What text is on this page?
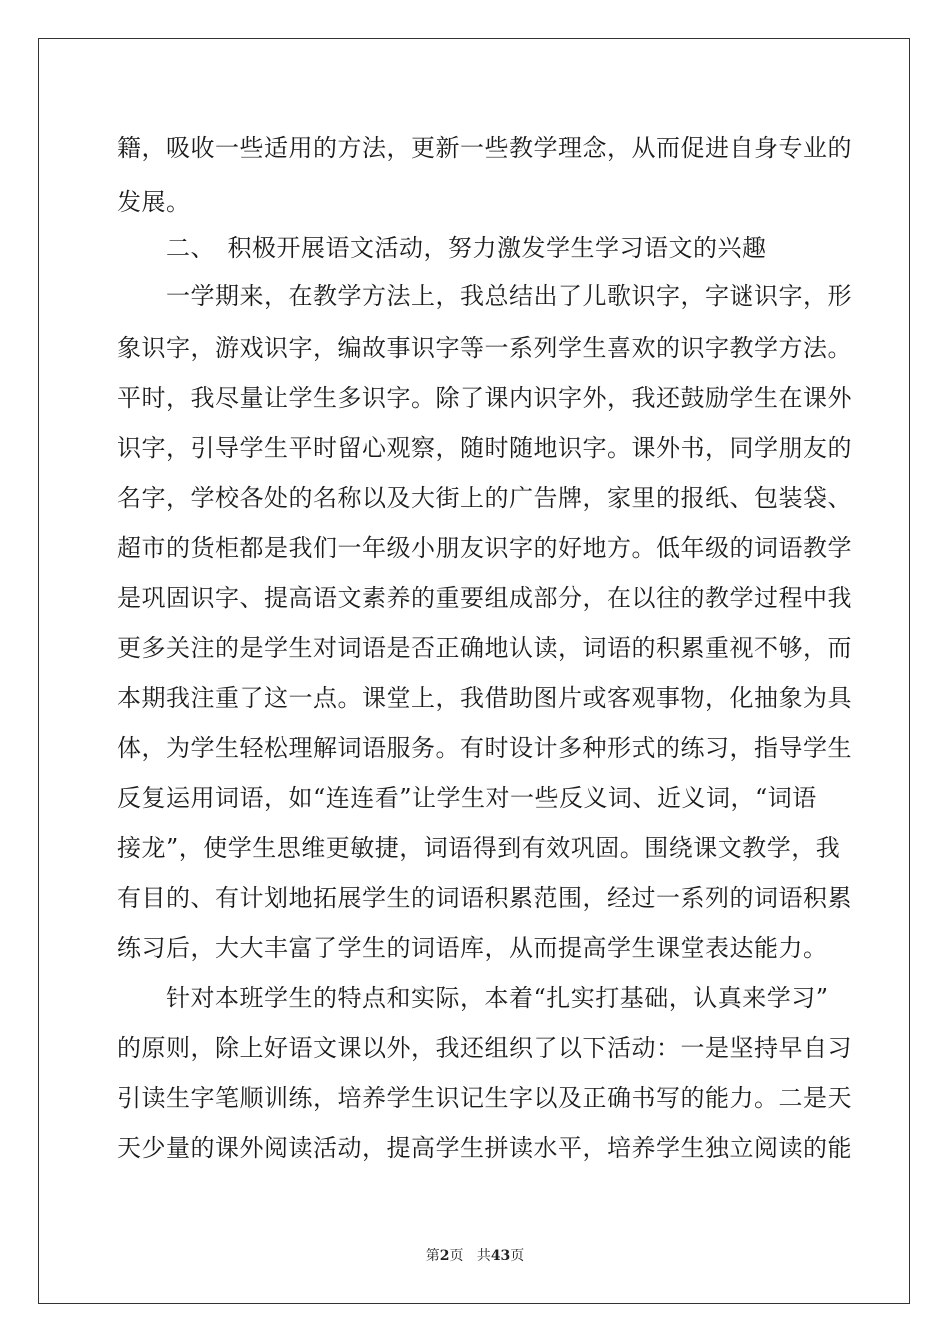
籍，吸收一些适用的方法，更新一些教学理念，从而促进自身专业的
发展。
　　二、　积极开展语文活动，努力激发学生学习语文的兴趣
　　一学期来，在教学方法上，我总结出了儿歌识字，字谜识字，形
象识字，游戏识字，编故事识字等一系列学生喜欢的识字教学方法。
平时，我尽量让学生多识字。除了课内识字外，我还鼓励学生在课外
识字，引导学生平时留心观察，随时随地识字。课外书，同学朋友的
名字，学校各处的名称以及大街上的广告牌，家里的报纸、包装袋、
超市的货柜都是我们一年级小朋友识字的好地方。低年级的词语教学
是巩固识字、提高语文素养的重要组成部分，在以往的教学过程中我
更多关注的是学生对词语是否正确地认读，词语的积累重视不够，而
本期我注重了这一点。课堂上，我借助图片或客观事物，化抽象为具
体，为学生轻松理解词语服务。有时设计多种形式的练习，指导学生
反复运用词语，如“连连看”让学生对一些反义词、近义词，“词语
接龙”，使学生思维更敏捷，词语得到有效巩固。围绕课文教学，我
有目的、有计划地拓展学生的词语积累范围，经过一系列的词语积累
练习后，大大丰富了学生的词语库，从而提高学生课堂表达能力。
　　针对本班学生的特点和实际，本着“扎实打基础，认真来学习”
的原则，除上好语文课以外，我还组织了以下活动：一是坚持早自习
引读生字笔顺训练，培养学生识记生字以及正确书写的能力。二是天
天少量的课外阅读活动，提高学生拼读水平，培养学生独立阅读的能
第2页 共43页
